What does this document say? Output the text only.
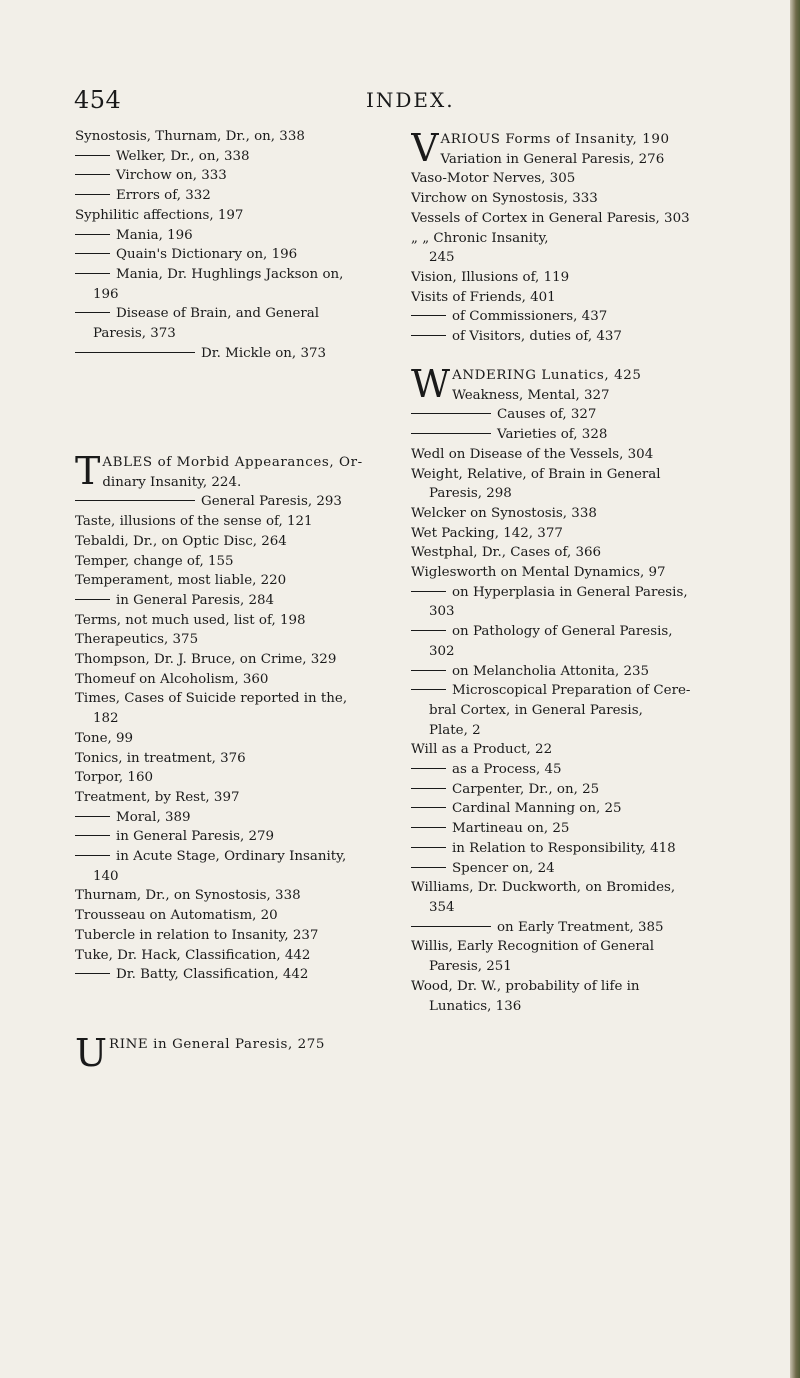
454	INDEX.
Synostosis, Thurnam, Dr., on, 338
Welker, Dr., on, 338
Virchow on, 333
Errors of, 332
Syphilitic affections, 197
Mania, 196
Quain's Dictionary on, 196
Mania, Dr. Hughlings Jackson on,
196
Disease of Brain, and General
Paresis, 373
Dr. Mickle on, 373
T ABLES of Morbid Appearances, Or-
dinary Insanity, 224.
General Paresis, 293
Taste, illusions of the sense of, 121
Tebaldi, Dr., on Optic Disc, 264
Temper, change of, 155
Temperament, most liable, 220
in General Paresis, 284
Terms, not much used, list of, 198
Therapeutics, 375
Thompson, Dr. J. Bruce, on Crime, 329
Thomeuf on Alcoholism, 360
Times, Cases of Suicide reported in the,
182
Tone, 99
Tonics, in treatment, 376
Torpor, 160
Treatment, by Rest, 397
Moral, 389
in General Paresis, 279
in Acute Stage, Ordinary Insanity,
140
Thurnam, Dr., on Synostosis, 338
Trousseau on Automatism, 20
Tubercle in relation to Insanity, 237
Tuke, Dr. Hack, Classification, 442
Dr. Batty, Classification, 442
U RINE in General Paresis, 275
V ARIOUS Forms of Insanity, 190
Variation in General Paresis, 276
Vaso-Motor Nerves, 305
Virchow on Synostosis, 333
Vessels of Cortex in General Paresis, 303
„ „ Chronic Insanity,
245
Vision, Illusions of, 119
Visits of Friends, 401
of Commissioners, 437
of Visitors, duties of, 437
W ANDERING Lunatics, 425
Weakness, Mental, 327
Causes of, 327
Varieties of, 328
Wedl on Disease of the Vessels, 304
Weight, Relative, of Brain in General
Paresis, 298
Welcker on Synostosis, 338
Wet Packing, 142, 377
Westphal, Dr., Cases of, 366
Wiglesworth on Mental Dynamics, 97
on Hyperplasia in General Paresis,
303
on Pathology of General Paresis,
302
on Melancholia Attonita, 235
Microscopical Preparation of Cere-
bral Cortex, in General Paresis,
Plate, 2
Will as a Product, 22
as a Process, 45
Carpenter, Dr., on, 25
Cardinal Manning on, 25
Martineau on, 25
in Relation to Responsibility, 418
Spencer on, 24
Williams, Dr. Duckworth, on Bromides,
354
on Early Treatment, 385
Willis, Early Recognition of General
Paresis, 251
Wood, Dr. W., probability of life in
Lunatics, 136
